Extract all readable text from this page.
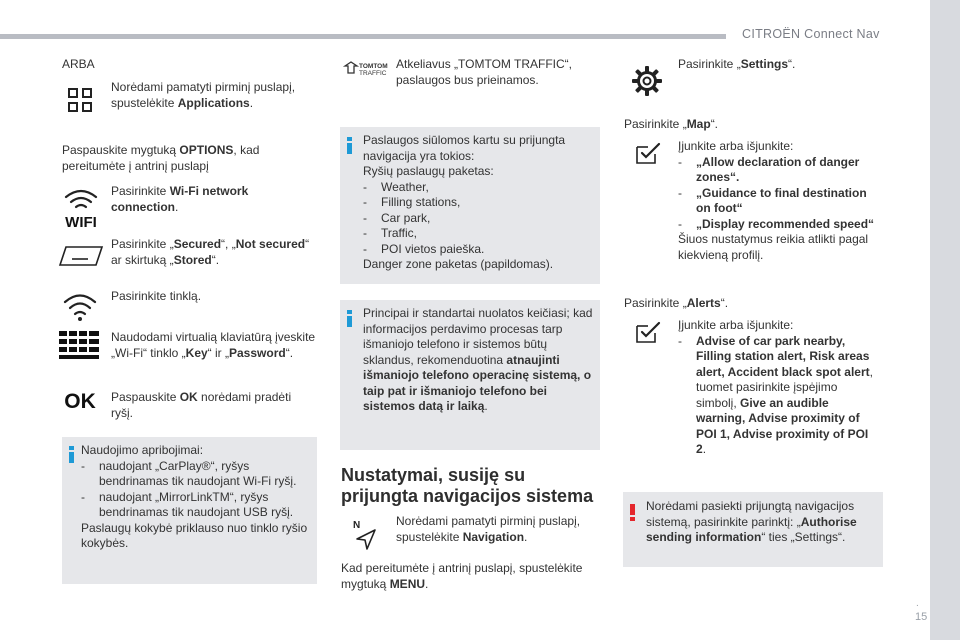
CITROËN Connect Nav
.
15
ARBA
Norėdami pamatyti pirminį puslapį, spustelėkite Applications.
Paspauskite mygtuką OPTIONS, kad pereitumėte į antrinį puslapį
WIFI
Pasirinkite Wi-Fi network connection.
Pasirinkite „Secured“, „Not secured“ ar skirtuką „Stored“.
Pasirinkite tinklą.
Naudodami virtualią klaviatūrą įveskite „Wi-Fi“ tinklo „Key“ ir „Password“.
OK Paspauskite OK norėdami pradėti ryšį.
Naudojimo apribojimai:
- naudojant „CarPlay®“, ryšys bendrinamas tik naudojant Wi-Fi ryšį.
- naudojant „MirrorLinkTM“, ryšys bendrinamas tik naudojant USB ryšį.
Paslaugų kokybė priklauso nuo tinklo ryšio kokybės.
TOMTOM
TRAFFIC
Atkeliavus „TOMTOM TRAFFIC“, paslaugos bus prieinamos.
Paslaugos siūlomos kartu su prijungta navigacija yra tokios:
Ryšių paslaugų paketas:
- Weather,
- Filling stations,
- Car park,
- Traffic,
- POI vietos paieška.
Danger zone paketas (papildomas).
Principai ir standartai nuolatos keičiasi; kad informacijos perdavimo procesas tarp išmaniojo telefono ir sistemos būtų sklandus, rekomenduotina atnaujinti išmaniojo telefono operacinę sistemą, o taip pat ir išmaniojo telefono bei sistemos datą ir laiką.
Nustatymai, susiję su prijungta navigacijos sistema
N	Norėdami pamatyti pirminį puslapį, spustelėkite Navigation.
Kad pereitumėte į antrinį puslapį, spustelėkite mygtuką MENU.
Pasirinkite „Settings“.
Pasirinkite „Map“.
Įjunkite arba išjunkite:
- „Allow declaration of danger zones“.
- „Guidance to final destination on foot“
- „Display recommended speed“
Šiuos nustatymus reikia atlikti pagal kiekvieną profilį.
Pasirinkite „Alerts“.
Įjunkite arba išjunkite:
- Advise of car park nearby, Filling station alert, Risk areas alert, Accident black spot alert, tuomet pasirinkite įspėjimo simbolį, Give an audible warning, Advise proximity of POI 1, Advise proximity of POI 2.
Norėdami pasiekti prijungtą navigacijos sistemą, pasirinkite parinktį: „Authorise sending information“ ties „Settings“.
